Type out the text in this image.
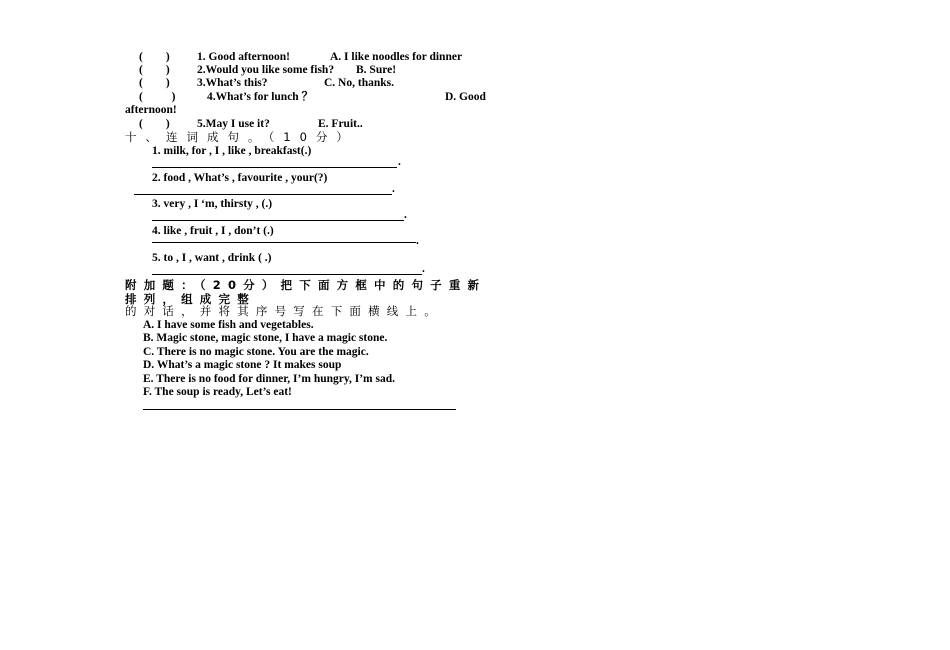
(        ) 1. Good afternoon!	A. I like noodles for dinner
(        ) 2.Would you like some fish? B. Sure!
(        ) 3.What’s this?	C. No, thanks.
(          )	4.What’s for lunch ？	D. Good afternoon!
(        ) 5.May I use it?	E. Fruit..
十、连词成句。（10分）
1. milk, for , I , like , breakfast(.)
.
2. food , What’s , favourite , your(?)
.
3. very , I ‘m, thirsty , (.)
.
4. like , fruit , I , don’t (.)
.
5. to , I , want , drink ( .)
.
附加题：（20分）把下面方框中的句子重新排列，组成完整
的对话，并将其序号写在下面横线上。
A. I have some fish and vegetables.
B. Magic stone, magic stone, I have a magic stone.
C. There is no magic stone. You are the magic.
D. What’s a magic stone ? It makes soup
E. There is no food for dinner, I’m hungry, I’m sad.
F. The soup is ready, Let’s eat!
